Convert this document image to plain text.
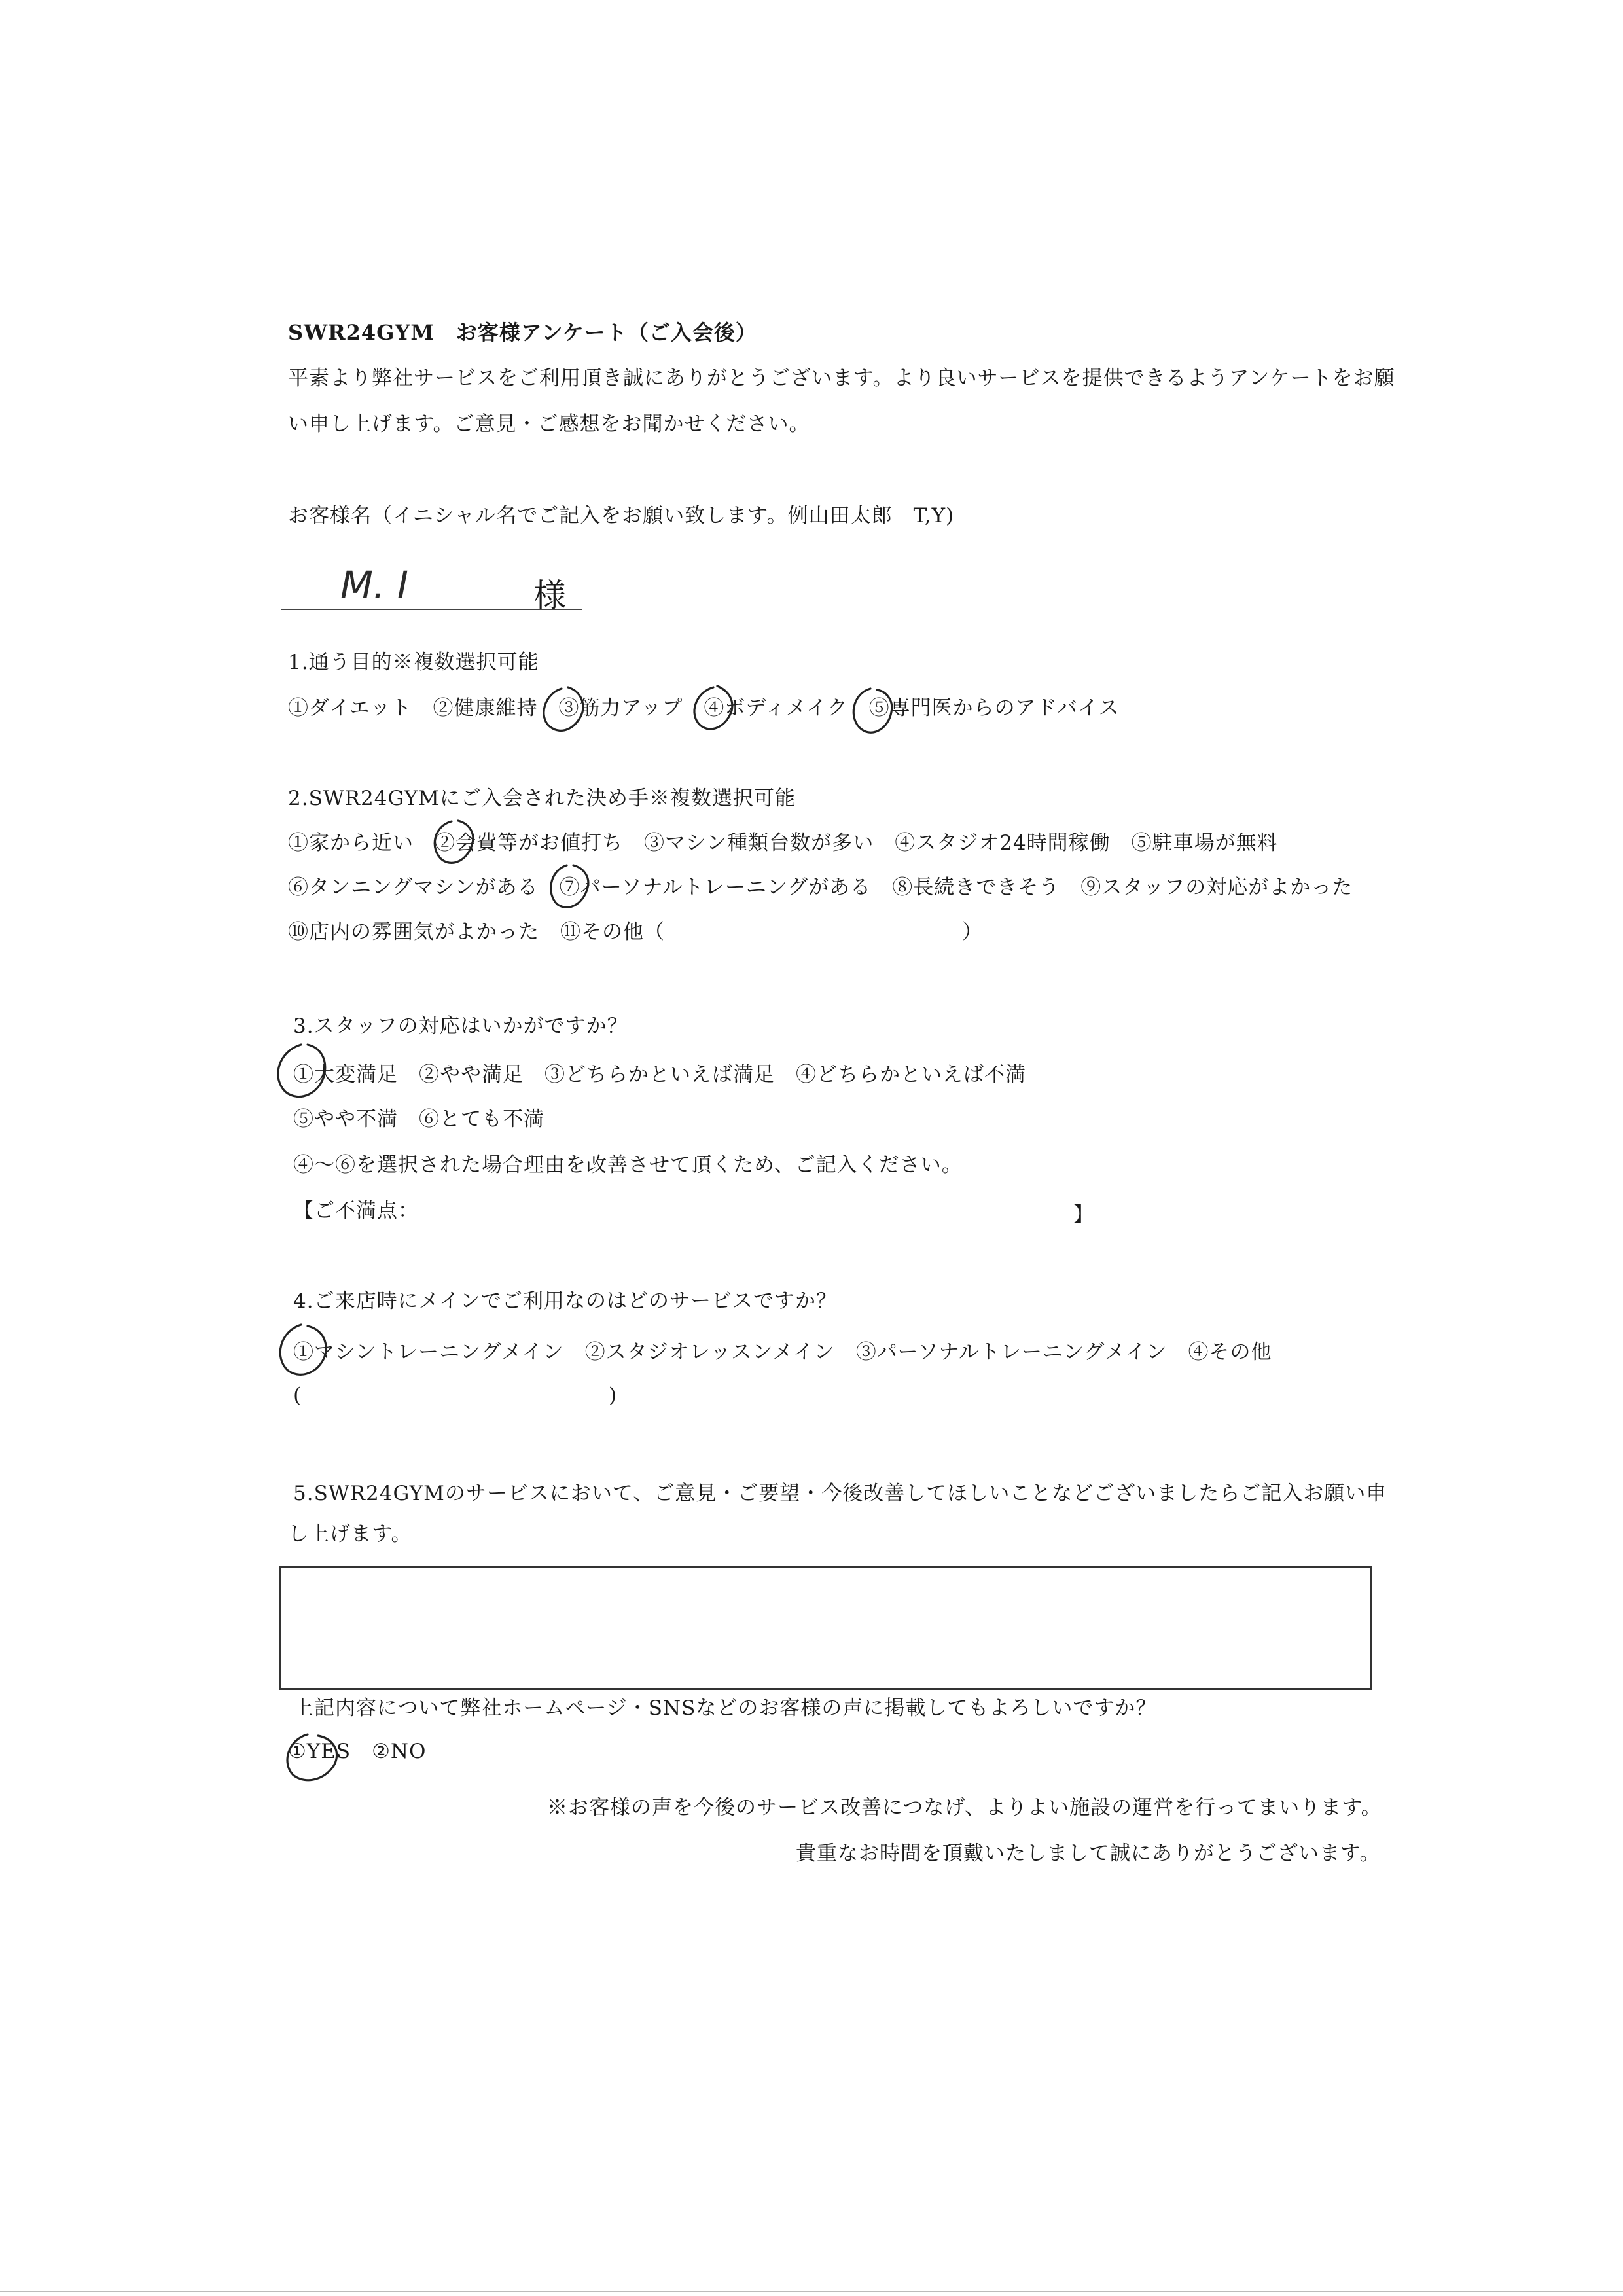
SWR24GYM　お客様アンケート（ご入会後）
平素より弊社サービスをご利用頂き誠にありがとうございます。より良いサービスを提供できるようアンケートをお願
い申し上げます。ご意見・ご感想をお聞かせください。
お客様名（イニシャル名でご記入をお願い致します。例山田太郎　T,Y)
M. I	様
1.通う目的※複数選択可能
①ダイエット　②健康維持　③筋力アップ　④ボディメイク　⑤専門医からのアドバイス
2.SWR24GYMにご入会された決め手※複数選択可能
①家から近い　②会費等がお値打ち　③マシン種類台数が多い　④スタジオ24時間稼働　⑤駐車場が無料
⑥タンニングマシンがある　⑦パーソナルトレーニングがある　⑧長続きできそう　⑨スタッフの対応がよかった
⑩店内の雰囲気がよかった　⑪その他（	）
3.スタッフの対応はいかがですか？
①大変満足　②やや満足　③どちらかといえば満足　④どちらかといえば不満
⑤やや不満　⑥とても不満
④～⑥を選択された場合理由を改善させて頂くため、ご記入ください。
【ご不満点：	】
4.ご来店時にメインでご利用なのはどのサービスですか？
①マシントレーニングメイン　②スタジオレッスンメイン　③パーソナルトレーニングメイン　④その他
(	)
5.SWR24GYMのサービスにおいて、ご意見・ご要望・今後改善してほしいことなどございましたらご記入お願い申
し上げます。
上記内容について弊社ホームページ・SNSなどのお客様の声に掲載してもよろしいですか？
①YES　②NO
※お客様の声を今後のサービス改善につなげ、よりよい施設の運営を行ってまいります。
貴重なお時間を頂戴いたしまして誠にありがとうございます。
